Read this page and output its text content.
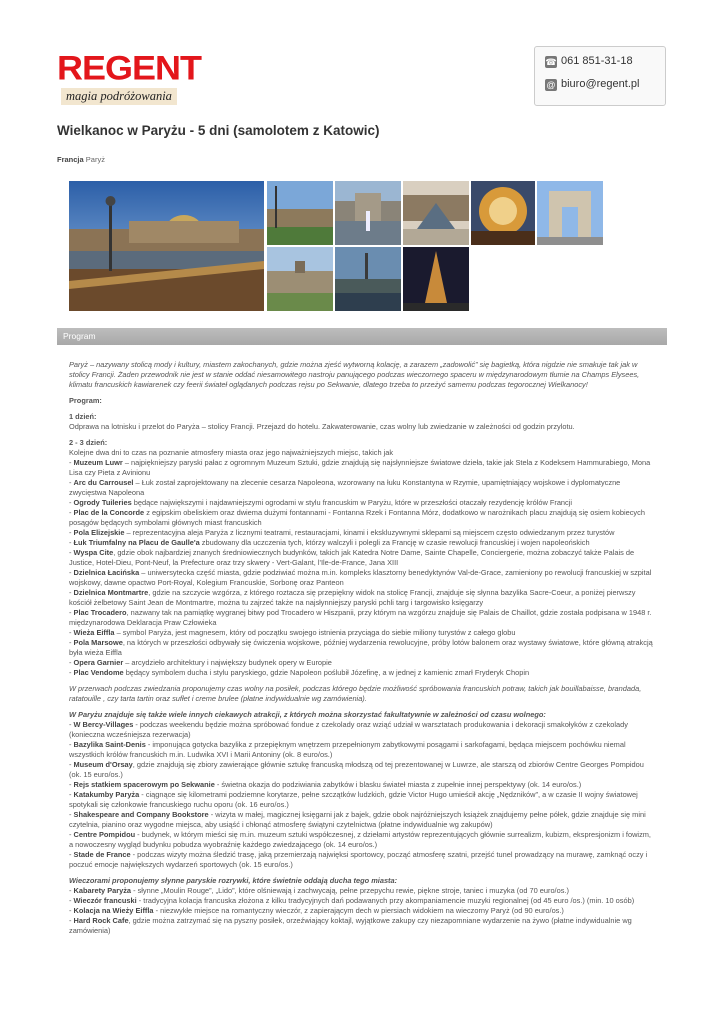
REGENT
magia podróżowania
☎ 061 851-31-18
@ biuro@regent.pl
Wielkanoc w Paryżu - 5 dni (samolotem z Katowic)
Francja Paryż
Program

Paryż – nazywany stolicą mody i kultury, miastem zakochanych, gdzie można zjeść wytworną kolację, a zarazem „zadowolić” się bagietką, która nigdzie nie smakuje tak jak w stolicy Francji. Żaden przewodnik nie jest w stanie oddać niesamowitego nastroju panującego podczas wieczornego spaceru w międzynarodowym tłumie na Champs Elysees, klimatu francuskich kawiarenek czy feerii świateł oglądanych podczas rejsu po Sekwanie, dlatego trzeba to przeżyć samemu podczas tegorocznej Wielkanocy!

Program:

1 dzień:

Odprawa na lotnisku i przelot do Paryża – stolicy Francji. Przejazd do hotelu. Zakwaterowanie, czas wolny lub zwiedzanie w zależności od godzin przylotu.

2 - 3 dzień:

Kolejne dwa dni to czas na poznanie atmosfery miasta oraz jego najważniejszych miejsc, takich jak

- Muzeum Luwr – najpiękniejszy paryski pałac z ogromnym Muzeum Sztuki, gdzie znajdują się najsłynniejsze światowe dzieła, takie jak Stela z Kodeksem Hammurabiego, Mona Lisa czy Pieta z Avinionu

- Arc du Carrousel – Łuk został zaprojektowany na zlecenie cesarza Napoleona, wzorowany na łuku Konstantyna w Rzymie, upamiętniający wojskowe i dyplomatyczne zwycięstwa Napoleona

- Ogrody Tuileries będące największymi i najdawniejszymi ogrodami w stylu francuskim w Paryżu, które w przeszłości otaczały rezydencję królów Francji

- Plac de la Concorde z egipskim obeliskiem oraz dwiema dużymi fontannami - Fontanna Rzek i Fontanna Mórz, dodatkowo w narożnikach placu znajdują się osiem kobiecych posągów będących symbolami głównych miast francuskich

- Pola Elizejskie – reprezentacyjna aleja Paryża z licznymi teatrami, restauracjami, kinami i ekskluzywnymi sklepami są miejscem często odwiedzanym przez turystów

- Łuk Triumfalny na Placu de Gaulle'a zbudowany dla uczczenia tych, którzy walczyli i polegli za Francję w czasie rewolucji francuskiej i wojen napoleońskich

- Wyspa Cite, gdzie obok najbardziej znanych średniowiecznych budynków, takich jak Katedra Notre Dame, Sainte Chapelle, Conciergerie, można zobaczyć także Palais de Justice, Hotel-Dieu, Pont-Neuf, la Prefecture oraz trzy skwery - Vert-Galant, l'Ile-de-France, Jana XIII

- Dzielnica Łacińska – uniwersytecka część miasta, gdzie podziwiać można m.in. kompleks klasztorny benedyktynów Val-de-Grace, zamieniony po rewolucji francuskiej w szpital wojskowy, dawne opactwo Port-Royal, Kolegium Francuskie, Sorbonę oraz Panteon

- Dzielnica Montmartre, gdzie na szczycie wzgórza, z którego roztacza się przepiękny widok na stolicę Francji, znajduje się słynna bazylika Sacre-Coeur, a poniżej pierwszy kościół żelbetowy Saint Jean de Montmartre, można tu zajrzeć także na najsłynniejszy paryski pchli targ i targowisko księgarzy

- Plac Trocadero, nazwany tak na pamiątkę wygranej bitwy pod Trocadero w Hiszpanii, przy którym na wzgórzu znajduje się Palais de Chaillot, gdzie została podpisana w 1948 r. międzynarodowa Deklaracja Praw Człowieka

- Wieża Eiffla – symbol Paryża, jest magnesem, który od początku swojego istnienia przyciąga do siebie miliony turystów z całego globu

- Pola Marsowe, na których w przeszłości odbywały się ćwiczenia wojskowe, później wydarzenia rewolucyjne, próby lotów balonem oraz wystawy światowe, które główną atrakcją była wieża Eiffla

- Opera Garnier – arcydzieło architektury i największy budynek opery w Europie

- Plac Vendome będący symbolem ducha i stylu paryskiego, gdzie Napoleon poślubił Józefinę, a w jednej z kamienic zmarł Fryderyk Chopin

W przerwach podczas zwiedzania proponujemy czas wolny na posiłek, podczas którego będzie możliwość spróbowania francuskich potraw, takich jak bouillabaisse, brandada, ratatouille , czy tarta tartin oraz sufłet i creme brulee (płatne indywidualnie wg zamówienia).

W Paryżu znajduje się także wiele innych ciekawych atrakcji, z których można skorzystać fakultatywnie w zależności od czasu wolnego:

- W Bercy-Villages - podczas weekendu będzie można spróbować fondue z czekolady oraz wziąć udział w warsztatach produkowania i dekoracji smakołyków z czekolady (konieczna wcześniejsza rezerwacja)

- Bazylika Saint-Denis - imponująca gotycka bazylika z przepięknym wnętrzem przepełnionym zabytkowymi posągami i sarkofagami, będąca miejscem pochówku niemal wszystkich królów francuskich m.in. Ludwika XVI i Marii Antoniny (ok. 8 euro/os.)

- Museum d'Orsay, gdzie znajdują się zbiory zawierające głównie sztukę francuską młodszą od tej prezentowanej w Luwrze, ale starszą od zbiorów Centre Georges Pompidou (ok. 15 euro/os.)

- Rejs statkiem spacerowym po Sekwanie - świetna okazja do podziwiania zabytków i blasku świateł miasta z zupełnie innej perspektywy (ok. 14 euro/os.)

- Katakumby Paryża - ciągnące się kilometrami podziemne korytarze, pełne szczątków ludzkich, gdzie Victor Hugo umieścił akcję „Nędzników”, a w czasie II wojny światowej spotykali się członkowie francuskiego ruchu oporu (ok. 16 euro/os.)

- Shakespeare and Company Bookstore - wizyta w małej, magicznej księgarni jak z bajek, gdzie obok najróżniejszych książek znajdujemy pełne półek, gdzie znajduje się mini czytelnia, pianino oraz wygodne miejsca, aby usiąść i chłonąć atmosferę świątyni czytelnictwa (płatne indywidualnie wg zakupów)

- Centre Pompidou - budynek, w którym mieści się m.in. muzeum sztuki współczesnej, z dziełami artystów reprezentujących głównie surrealizm, kubizm, ekspresjonizm i fowizm, a nowoczesny wygląd budynku pobudza wyobraźnię każdego zwiedzającego (ok. 14 euro/os.)

- Stade de France - podczas wizyty można śledzić trasę, jaką przemierzają najwięksi sportowcy, począć atmosferę szatni, przejść tunel prowadzący na murawę, zamknąć oczy i poczuć emocje największych wydarzeń sportowych (ok. 15 euro/os.)

Wieczorami proponujemy słynne paryskie rozrywki, które świetnie oddają ducha tego miasta:

- Kabarety Paryża - słynne „Moulin Rouge”, „Lido”, które olśniewają i zachwycają, pełne przepychu rewie, piękne stroje, taniec i muzyka (od 70 euro/os.)

- Wieczór francuski - tradycyjna kolacja francuska złożona z kilku tradycyjnych dań podawanych przy akompaniamencie muzyki regionalnej (od 45 euro /os.) (min. 10 osób)

- Kolacja na Wieży Eiffla - niezwykłe miejsce na romantyczny wieczór, z zapierającym dech w piersiach widokiem na wieczorny Paryż (od 90 euro/os.)

- Hard Rock Cafe, gdzie można zatrzymać się na pyszny posiłek, orzeźwiający koktajl, wyjątkowe zakupy czy niezapomniane wydarzenie na żywo (płatne indywidualnie wg zamówienia)
